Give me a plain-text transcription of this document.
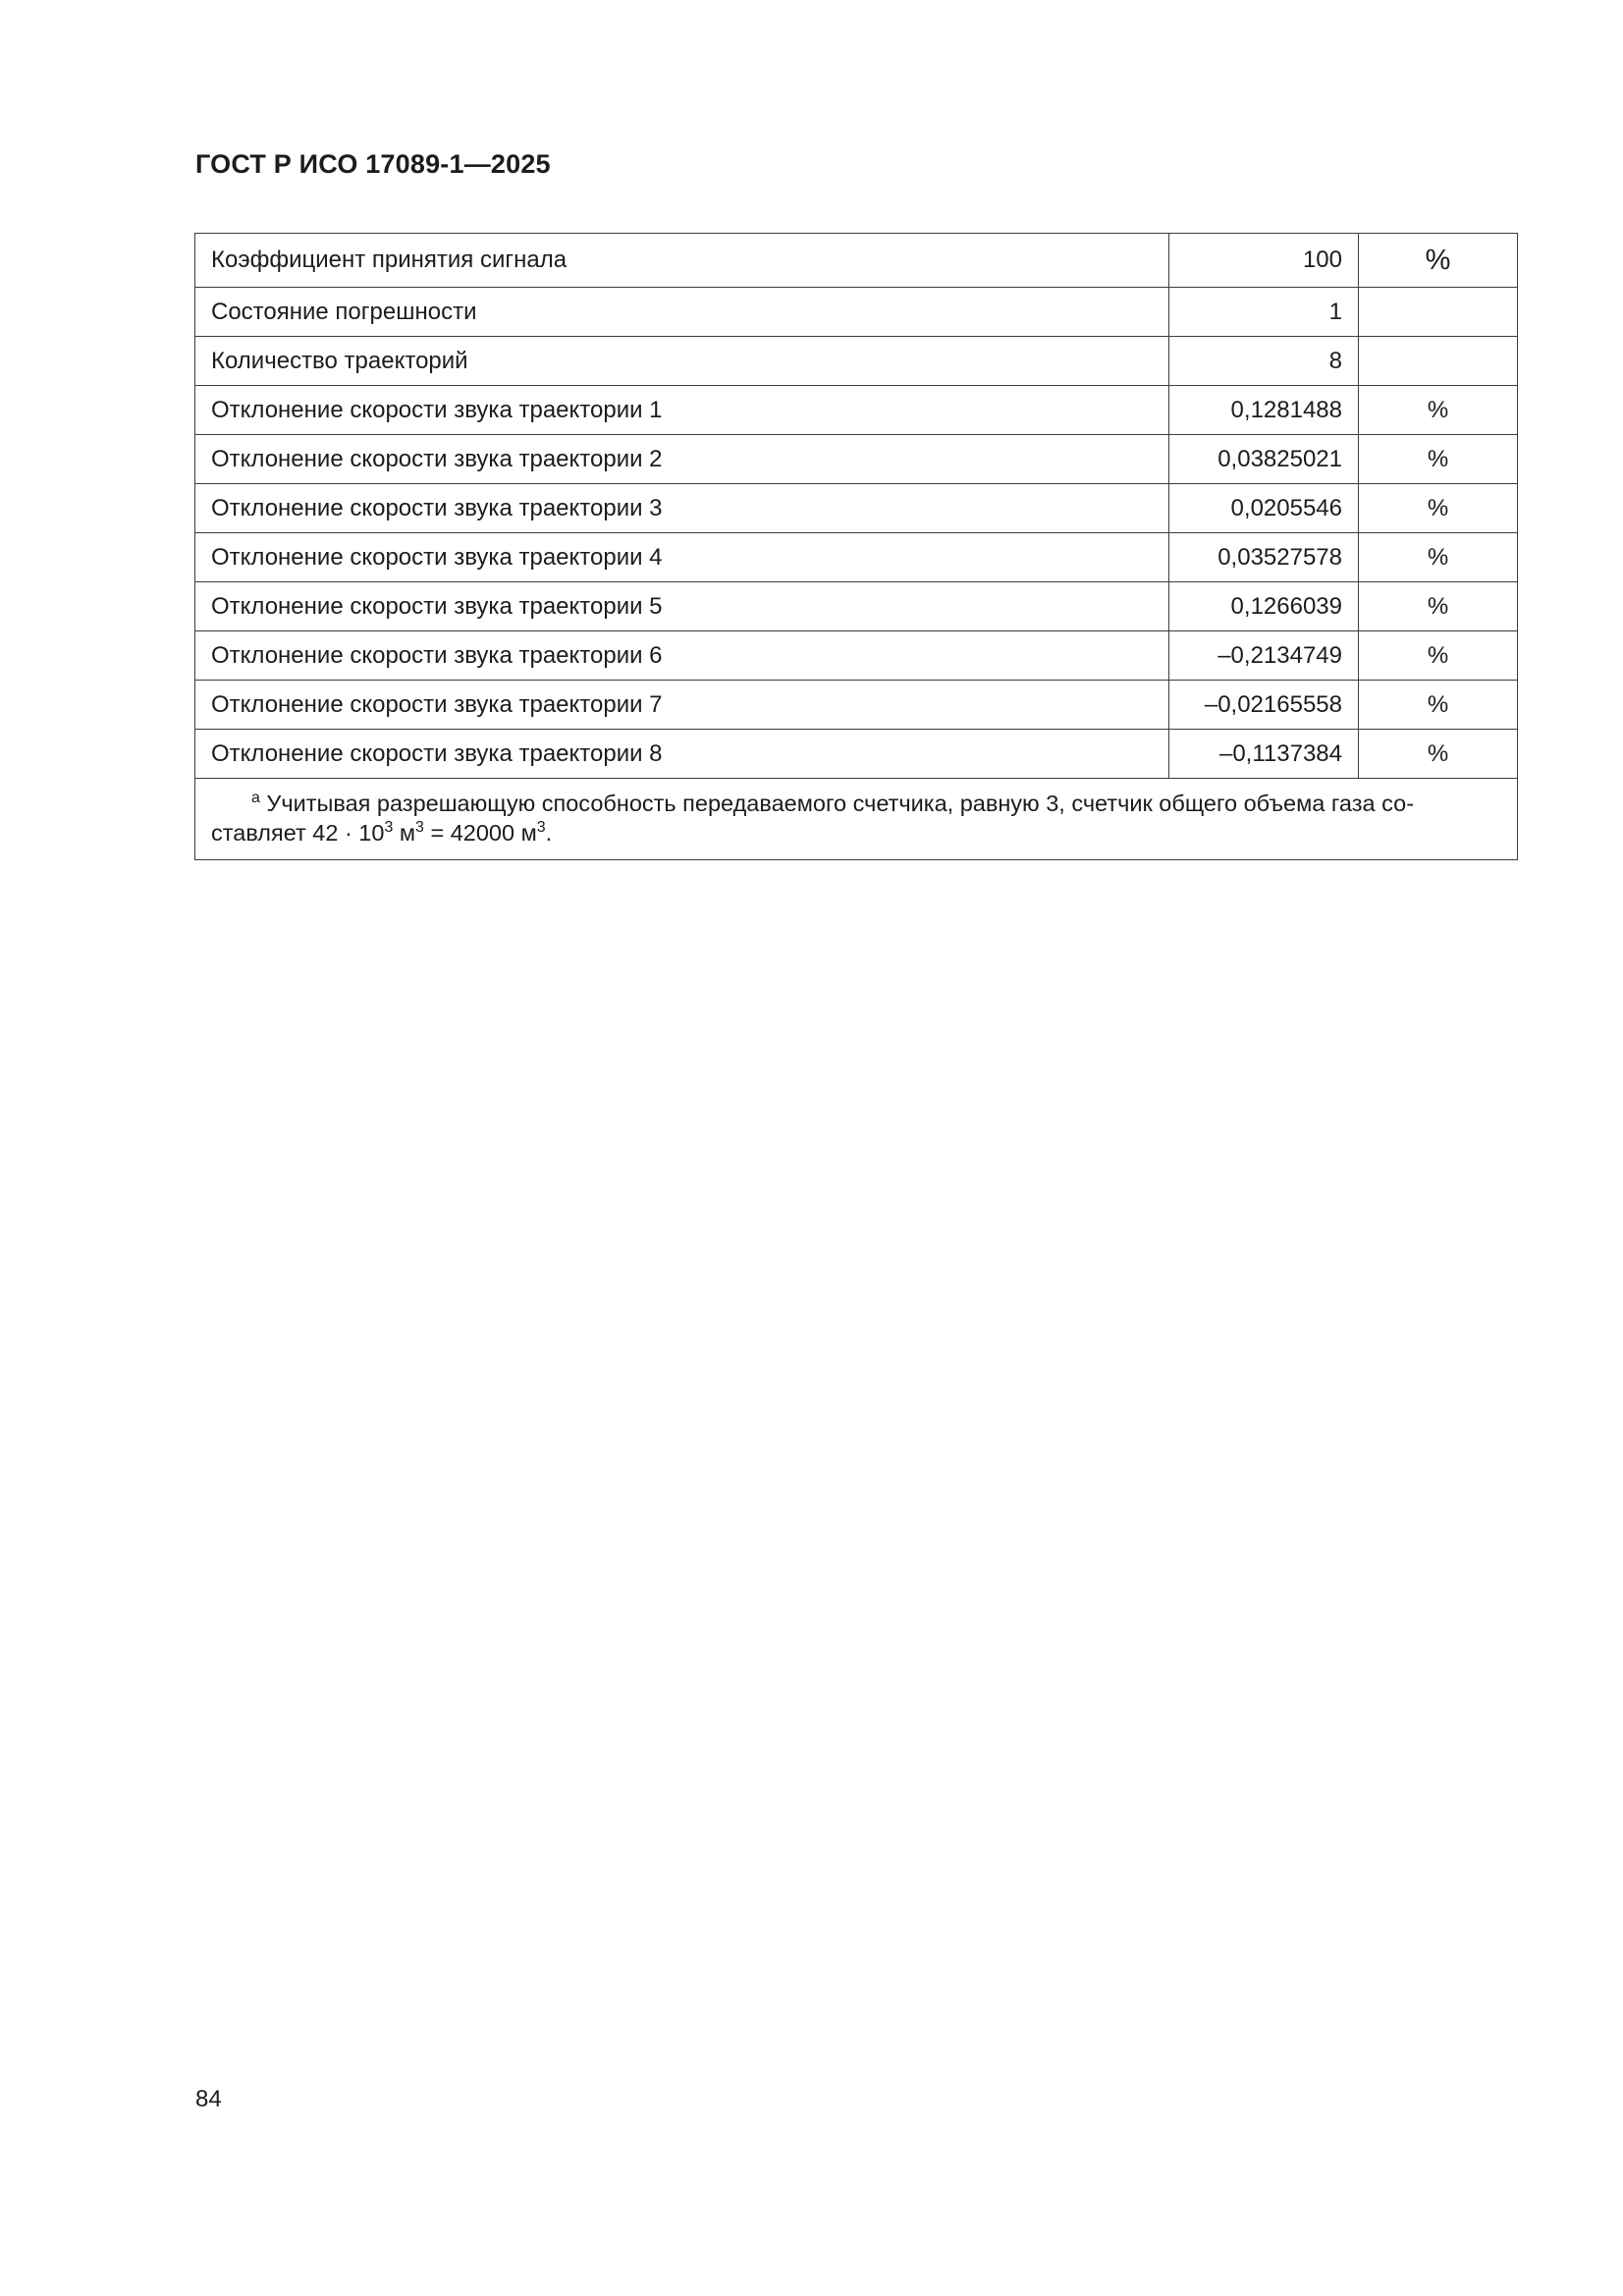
ГОСТ Р ИСО 17089-1—2025
Коэффициент принятия сигнала	100	%
Состояние погрешности	1	
Количество траекторий	8	
Отклонение скорости звука траектории 1	0,1281488	%
Отклонение скорости звука траектории 2	0,03825021	%
Отклонение скорости звука траектории 3	0,0205546	%
Отклонение скорости звука траектории 4	0,03527578	%
Отклонение скорости звука траектории 5	0,1266039	%
Отклонение скорости звука траектории 6	–0,2134749	%
Отклонение скорости звука траектории 7	–0,02165558	%
Отклонение скорости звука траектории 8	–0,1137384	%

$^а$ Учитывая разрешающую способность передаваемого счетчика, равную 3, счетчик общего объема газа со-
ставляет $42 \cdot 10^3$ $м^3 = 42000$ $м^3$.		
84
